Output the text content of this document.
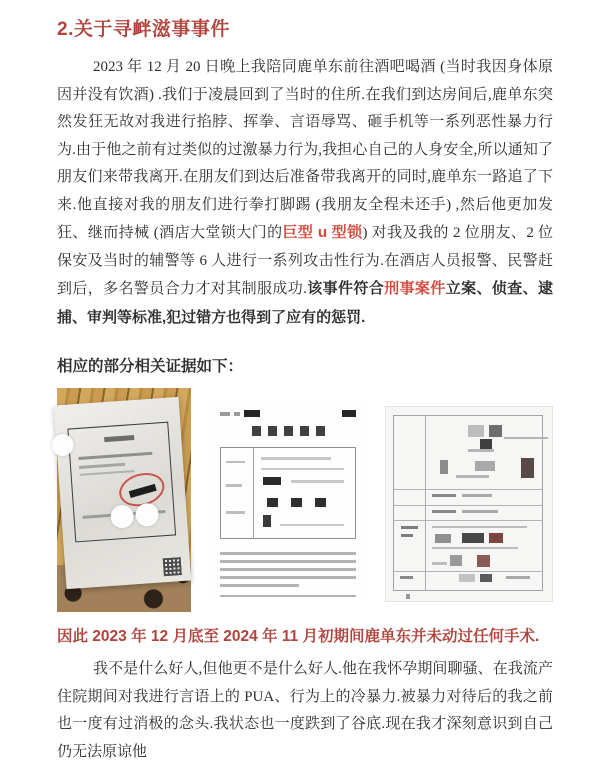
2.关于寻衅滋事事件

2023 年 12 月 20 日晚上我陪同鹿单东前往酒吧喝酒 (当时我因身体原因并没有饮酒) .我们于凌晨回到了当时的住所.在我们到达房间后,鹿单东突然发狂无故对我进行掐脖、挥拳、言语辱骂、砸手机等一系列恶性暴力行为.由于他之前有过类似的过激暴力行为,我担心自己的人身安全,所以通知了朋友们来带我离开.在朋友们到达后准备带我离开的同时,鹿单东一路追了下来.他直接对我的朋友们进行拳打脚踢 (我朋友全程未还手) ,然后他更加发狂、继而持械 (酒店大堂锁大门的巨型 u 型锁) 对我及我的 2 位朋友、2 位保安及当时的辅警等 6 人进行一系列攻击性行为.在酒店人员报警、民警赶到后，多名警员合力才对其制服成功.该事件符合刑事案件立案、侦查、逮捕、审判等标准,犯过错方也得到了应有的惩罚.

相应的部分相关证据如下：
因此 2023 年 12 月底至 2024 年 11 月初期间鹿单东并未动过任何手术.

我不是什么好人,但他更不是什么好人.他在我怀孕期间聊骚、在我流产住院期间对我进行言语上的 PUA、行为上的冷暴力.被暴力对待后的我之前也一度有过消极的念头.我状态也一度跌到了谷底.现在我才深刻意识到自己仍无法原谅他
